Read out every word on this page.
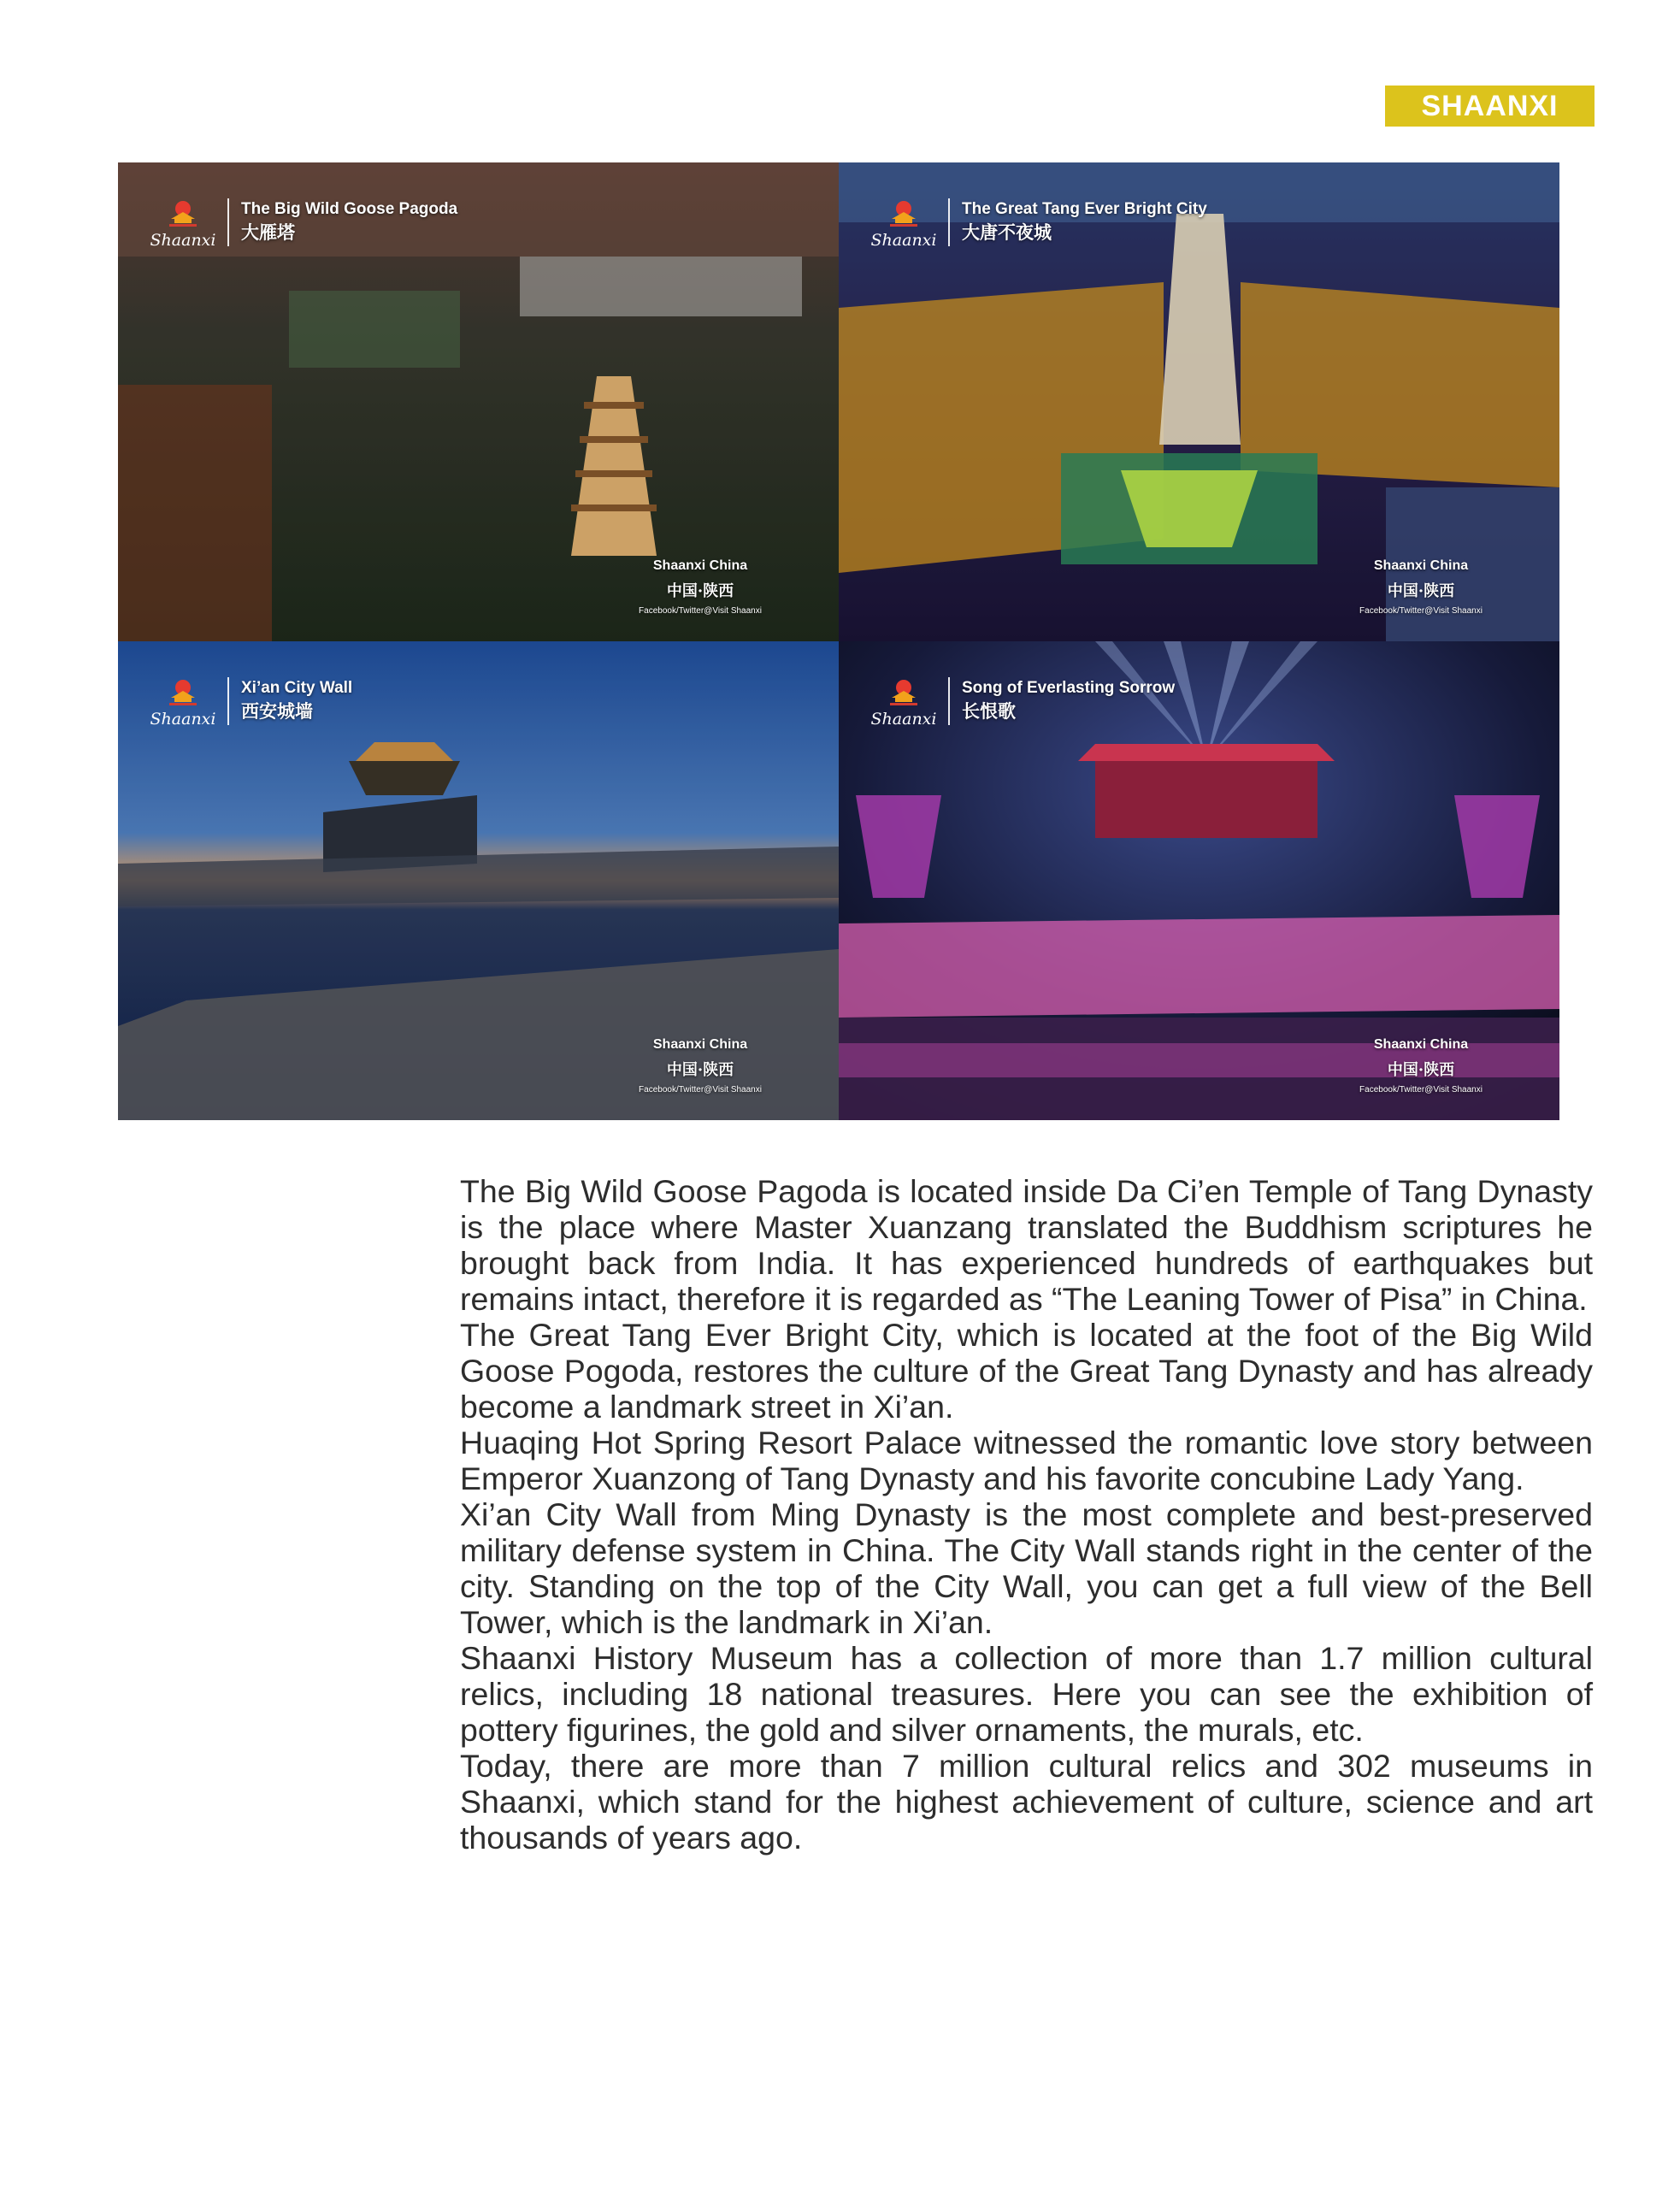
SHAANXI
Shaanxi
The Big Wild Goose Pagoda
大雁塔
Shaanxi China
中国·陕西
Facebook/Twitter@Visit Shaanxi
Shaanxi
The Great Tang Ever Bright City
大唐不夜城
Shaanxi China
中国·陕西
Facebook/Twitter@Visit Shaanxi
Shaanxi
Xi’an City Wall
西安城墙
Shaanxi China
中国·陕西
Facebook/Twitter@Visit Shaanxi
Shaanxi
Song of Everlasting Sorrow
长恨歌
Shaanxi China
中国·陕西
Facebook/Twitter@Visit Shaanxi

The Big Wild Goose Pagoda is located inside Da Ci’en Temple of Tang Dynasty is the place where Master Xuanzang translated the Buddhism scriptures he brought back from India. It has experienced hundreds of earthquakes but remains intact, therefore it is regarded as “The Leaning Tower of Pisa” in China.

The Great Tang Ever Bright City, which is located at the foot of the Big Wild Goose Pogoda, restores the culture of the Great Tang Dynasty and has already become a landmark street in Xi’an.

Huaqing Hot Spring Resort Palace witnessed the romantic love story between Emperor Xuanzong of Tang Dynasty and his favorite concubine Lady Yang.

Xi’an City Wall from Ming Dynasty is the most complete and best-preserved military defense system in China. The City Wall stands right in the center of the city. Standing on the top of the City Wall, you can get a full view of the Bell Tower, which is the landmark in Xi’an.

Shaanxi History Museum has a collection of more than 1.7 million cultural relics, including 18 national treasures. Here you can see the exhibition of pottery figurines, the gold and silver ornaments, the murals, etc.

Today, there are more than 7 million cultural relics and 302 museums in Shaanxi, which stand for the highest achievement of culture, science and art thousands of years ago.
